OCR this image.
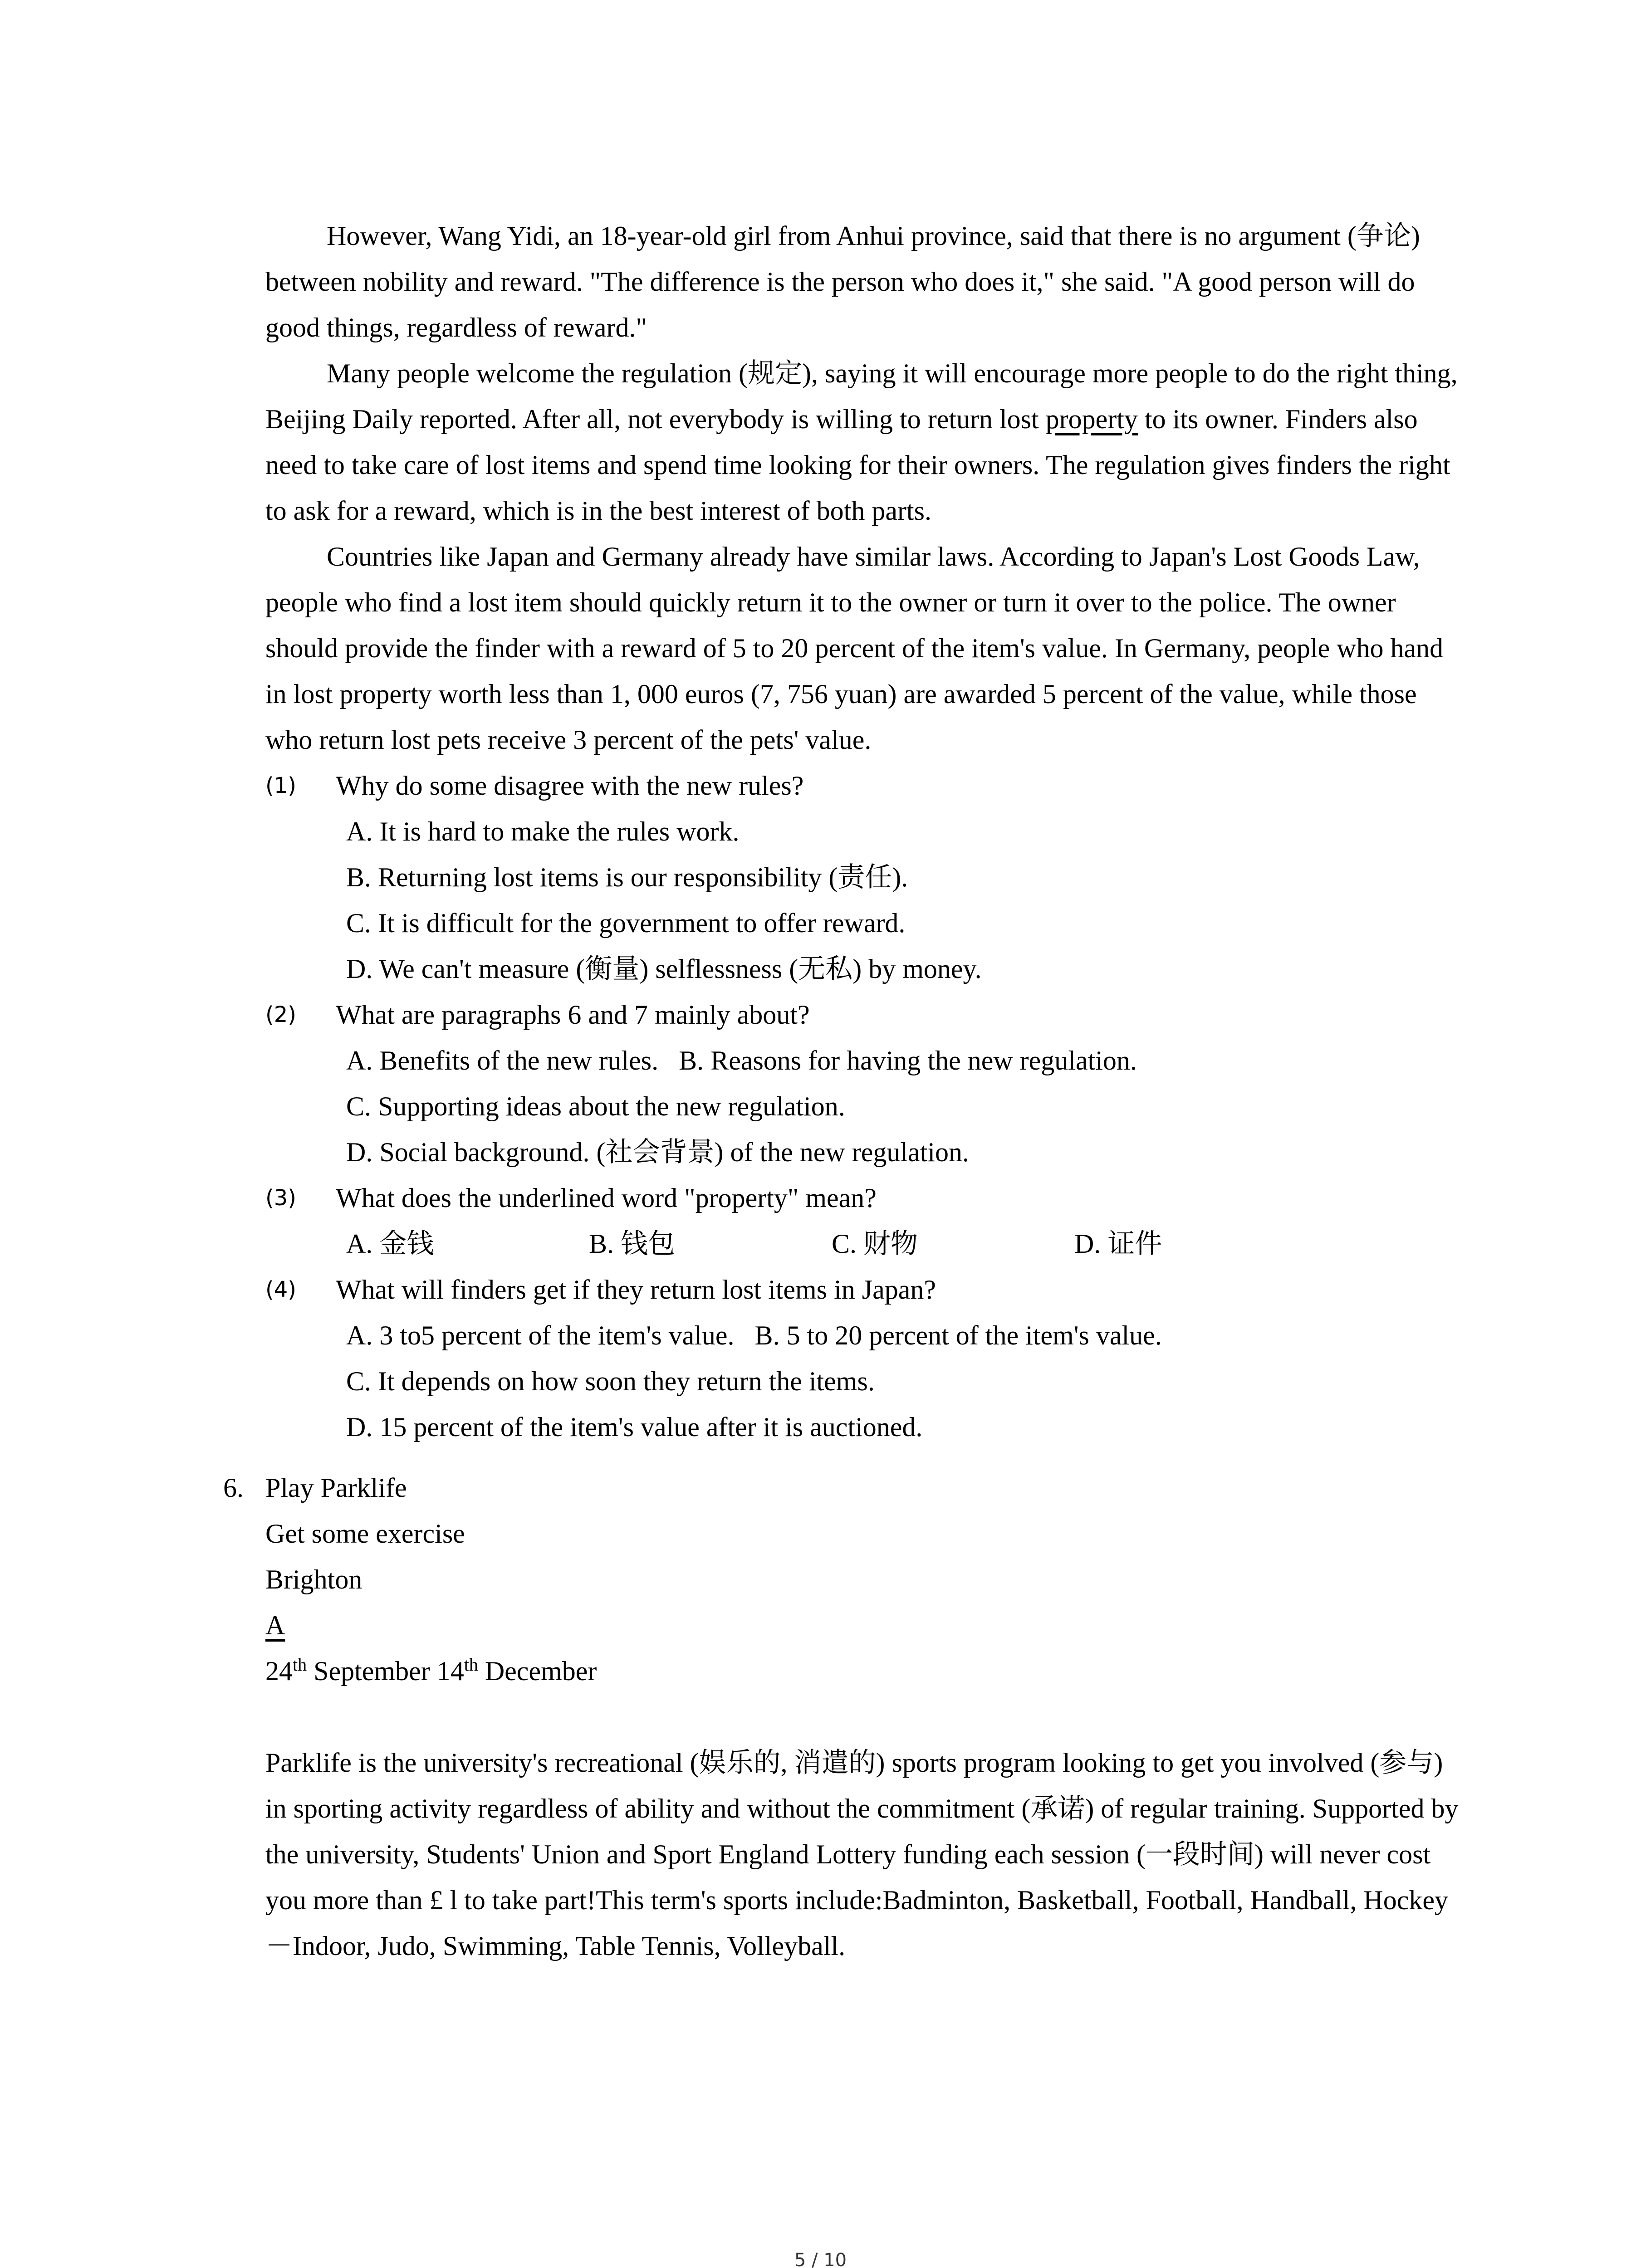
However, Wang Yidi, an 18-year-old girl from Anhui province, said that there is no argument (争论) between nobility and reward. "The difference is the person who does it," she said. "A good person will do good things, regardless of reward."

Many people welcome the regulation (规定), saying it will encourage more people to do the right thing, Beijing Daily reported. After all, not everybody is willing to return lost property to its owner. Finders also need to take care of lost items and spend time looking for their owners. The regulation gives finders the right to ask for a reward, which is in the best interest of both parts.

Countries like Japan and Germany already have similar laws. According to Japan's Lost Goods Law, people who find a lost item should quickly return it to the owner or turn it over to the police. The owner should provide the finder with a reward of 5 to 20 percent of the item's value. In Germany, people who hand in lost property worth less than 1, 000 euros (7, 756 yuan) are awarded 5 percent of the value, while those who return lost pets receive 3 percent of the pets' value.

(1) Why do some disagree with the new rules?
A. It is hard to make the rules work.
B. Returning lost items is our responsibility (责任).
C. It is difficult for the government to offer reward.
D. We can't measure (衡量) selflessness (无私) by money.
(2) What are paragraphs 6 and 7 mainly about?
A. Benefits of the new rules.   B. Reasons for having the new regulation.
C. Supporting ideas about the new regulation.
D. Social background. (社会背景) of the new regulation.
(3) What does the underlined word "property" mean?
A. 金钱	B. 钱包	C. 财物	D. 证件
(4) What will finders get if they return lost items in Japan?
A. 3 to5 percent of the item's value.   B. 5 to 20 percent of the item's value.
C. It depends on how soon they return the items.
D. 15 percent of the item's value after it is auctioned.
6. Play Parklife
Get some exercise
Brighton
A
24th September 14th December

Parklife is the university's recreational (娱乐的, 消遣的) sports program looking to get you involved (参与) in sporting activity regardless of ability and without the commitment (承诺) of regular training. Supported by the university, Students' Union and Sport England Lottery funding each session (一段时间) will never cost you more than £ l to take part!This term's sports include:Badminton, Basketball, Football, Handball, Hockey－Indoor, Judo, Swimming, Table Tennis, Volleyball.

5 / 10
